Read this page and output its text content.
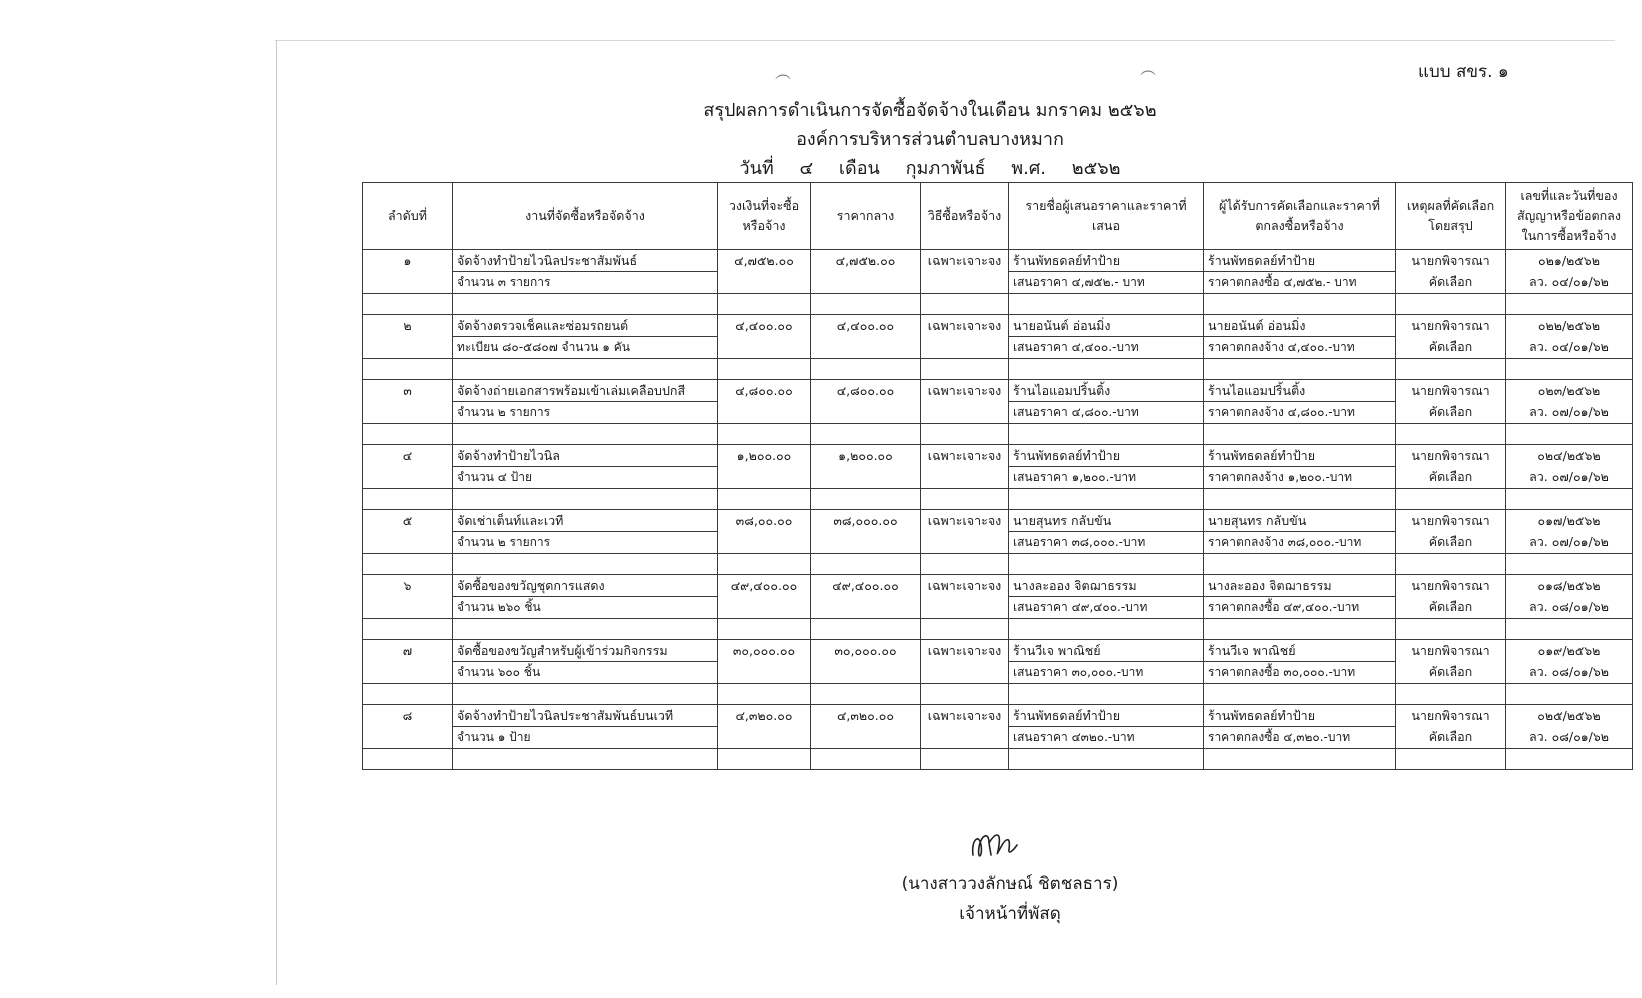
︵	︵	แบบ สขร. ๑
สรุปผลการดำเนินการจัดซื้อจัดจ้างในเดือน มกราคม ๒๕๖๒
องค์การบริหารส่วนตำบลบางหมาก
วันที่ ๔ เดือน กุมภาพันธ์ พ.ศ. ๒๕๖๒
ลำดับที่	งานที่จัดซื้อหรือจัดจ้าง	วงเงินที่จะซื้อหรือจ้าง	ราคากลาง	วิธีซื้อหรือจ้าง	รายชื่อผู้เสนอราคาและราคาที่เสนอ	ผู้ได้รับการคัดเลือกและราคาที่ตกลงซื้อหรือจ้าง	เหตุผลที่คัดเลือกโดยสรุป	เลขที่และวันที่ของสัญญาหรือข้อตกลงในการซื้อหรือจ้าง
๑	จัดจ้างทำป้ายไวนิลประชาสัมพันธ์	๔,๗๕๒.๐๐	๔,๗๕๒.๐๐	เฉพาะเจาะจง	ร้านพัทธดลย์ทำป้าย	ร้านพัทธดลย์ทำป้าย	นายกพิจารณา	๐๒๑/๒๕๖๒
	จำนวน ๓ รายการ				เสนอราคา ๔,๗๕๒.- บาท	ราคาตกลงซื้อ ๔,๗๕๒.- บาท	คัดเลือก	ลว. ๐๔/๐๑/๖๒

๒	จัดจ้างตรวจเช็คและซ่อมรถยนต์	๔,๔๐๐.๐๐	๔,๔๐๐.๐๐	เฉพาะเจาะจง	นายอนันต์ อ่อนมิ่ง	นายอนันต์ อ่อนมิ่ง	นายกพิจารณา	๐๒๒/๒๕๖๒
	ทะเบียน ๘๐-๕๘๐๗ จำนวน ๑ คัน				เสนอราคา ๔,๔๐๐.-บาท	ราคาตกลงจ้าง ๔,๔๐๐.-บาท	คัดเลือก	ลว. ๐๔/๐๑/๖๒

๓	จัดจ้างถ่ายเอกสารพร้อมเข้าเล่มเคลือบปกสี	๔,๘๐๐.๐๐	๔,๘๐๐.๐๐	เฉพาะเจาะจง	ร้านไอแอมปริ้นติ้ง	ร้านไอแอมปริ้นติ้ง	นายกพิจารณา	๐๒๓/๒๕๖๒
	จำนวน ๒ รายการ				เสนอราคา ๔,๘๐๐.-บาท	ราคาตกลงจ้าง ๔,๘๐๐.-บาท	คัดเลือก	ลว. ๐๗/๐๑/๖๒

๔	จัดจ้างทำป้ายไวนิล	๑,๒๐๐.๐๐	๑,๒๐๐.๐๐	เฉพาะเจาะจง	ร้านพัทธดลย์ทำป้าย	ร้านพัทธดลย์ทำป้าย	นายกพิจารณา	๐๒๔/๒๕๖๒
	จำนวน ๔ ป้าย				เสนอราคา ๑,๒๐๐.-บาท	ราคาตกลงจ้าง ๑,๒๐๐.-บาท	คัดเลือก	ลว. ๐๗/๐๑/๖๒

๕	จัดเช่าเต็นท์และเวที	๓๘,๐๐.๐๐	๓๘,๐๐๐.๐๐	เฉพาะเจาะจง	นายสุนทร กลับขัน	นายสุนทร กลับขัน	นายกพิจารณา	๐๑๗/๒๕๖๒
	จำนวน ๒ รายการ				เสนอราคา ๓๘,๐๐๐.-บาท	ราคาตกลงจ้าง ๓๘,๐๐๐.-บาท	คัดเลือก	ลว. ๐๗/๐๑/๖๒

๖	จัดซื้อของขวัญชุดการแสดง	๔๙,๔๐๐.๐๐	๔๙,๔๐๐.๐๐	เฉพาะเจาะจง	นางละออง จิตฌาธรรม	นางละออง จิตฌาธรรม	นายกพิจารณา	๐๑๘/๒๕๖๒
	จำนวน ๒๖๐ ชิ้น				เสนอราคา ๔๙,๔๐๐.-บาท	ราคาตกลงซื้อ ๔๙,๔๐๐.-บาท	คัดเลือก	ลว. ๐๘/๐๑/๖๒

๗	จัดซื้อของขวัญสำหรับผู้เข้าร่วมกิจกรรม	๓๐,๐๐๐.๐๐	๓๐,๐๐๐.๐๐	เฉพาะเจาะจง	ร้านวีเจ พาณิชย์	ร้านวีเจ พาณิชย์	นายกพิจารณา	๐๑๙/๒๕๖๒
	จำนวน ๖๐๐ ชิ้น				เสนอราคา ๓๐,๐๐๐.-บาท	ราคาตกลงซื้อ ๓๐,๐๐๐.-บาท	คัดเลือก	ลว. ๐๘/๐๑/๖๒

๘	จัดจ้างทำป้ายไวนิลประชาสัมพันธ์บนเวที	๔,๓๒๐.๐๐	๔,๓๒๐.๐๐	เฉพาะเจาะจง	ร้านพัทธดลย์ทำป้าย	ร้านพัทธดลย์ทำป้าย	นายกพิจารณา	๐๒๕/๒๕๖๒
	จำนวน ๑ ป้าย				เสนอราคา ๔๓๒๐.-บาท	ราคาตกลงซื้อ ๔,๓๒๐.-บาท	คัดเลือก	ลว. ๐๘/๐๑/๖๒

(นางสาววงลักษณ์ ชิตชลธาร)
เจ้าหน้าที่พัสดุ
